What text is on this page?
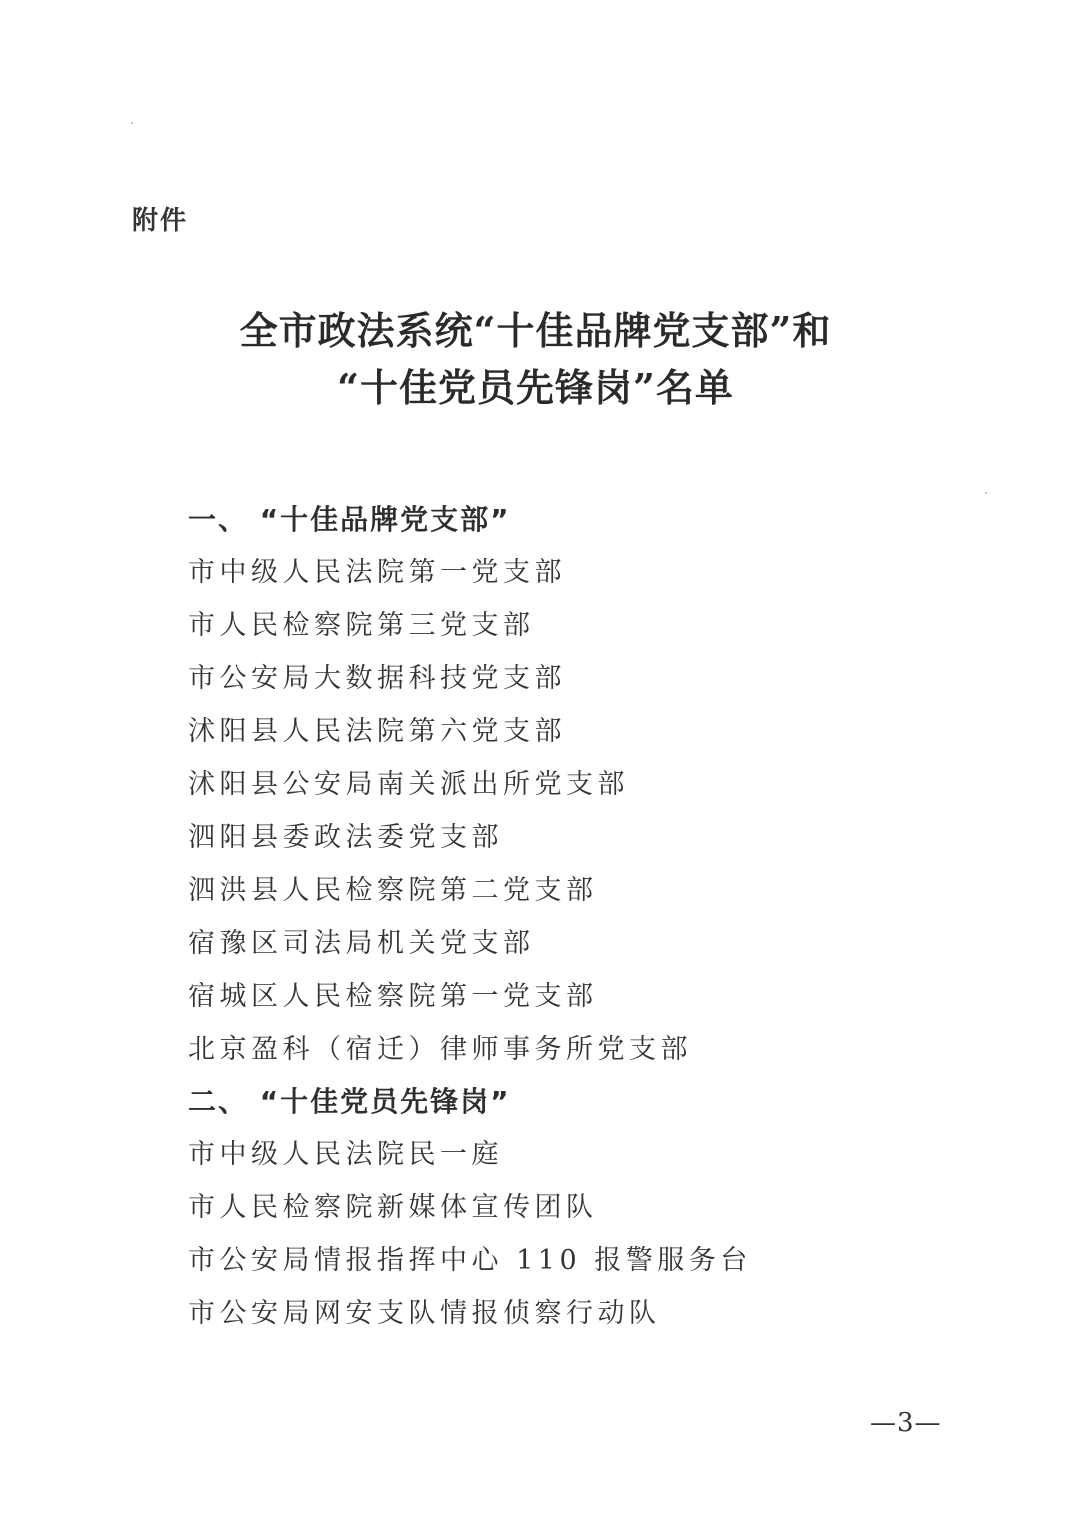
附件
全市政法系统“十佳品牌党支部”和
“十佳党员先锋岗”名单
一、 “十佳品牌党支部”
市中级人民法院第一党支部
市人民检察院第三党支部
市公安局大数据科技党支部
沭阳县人民法院第六党支部
沭阳县公安局南关派出所党支部
泗阳县委政法委党支部
泗洪县人民检察院第二党支部
宿豫区司法局机关党支部
宿城区人民检察院第一党支部
北京盈科（宿迁）律师事务所党支部
二、 “十佳党员先锋岗”
市中级人民法院民一庭
市人民检察院新媒体宣传团队
市公安局情报指挥中心 110 报警服务台
市公安局网安支队情报侦察行动队
—3—
